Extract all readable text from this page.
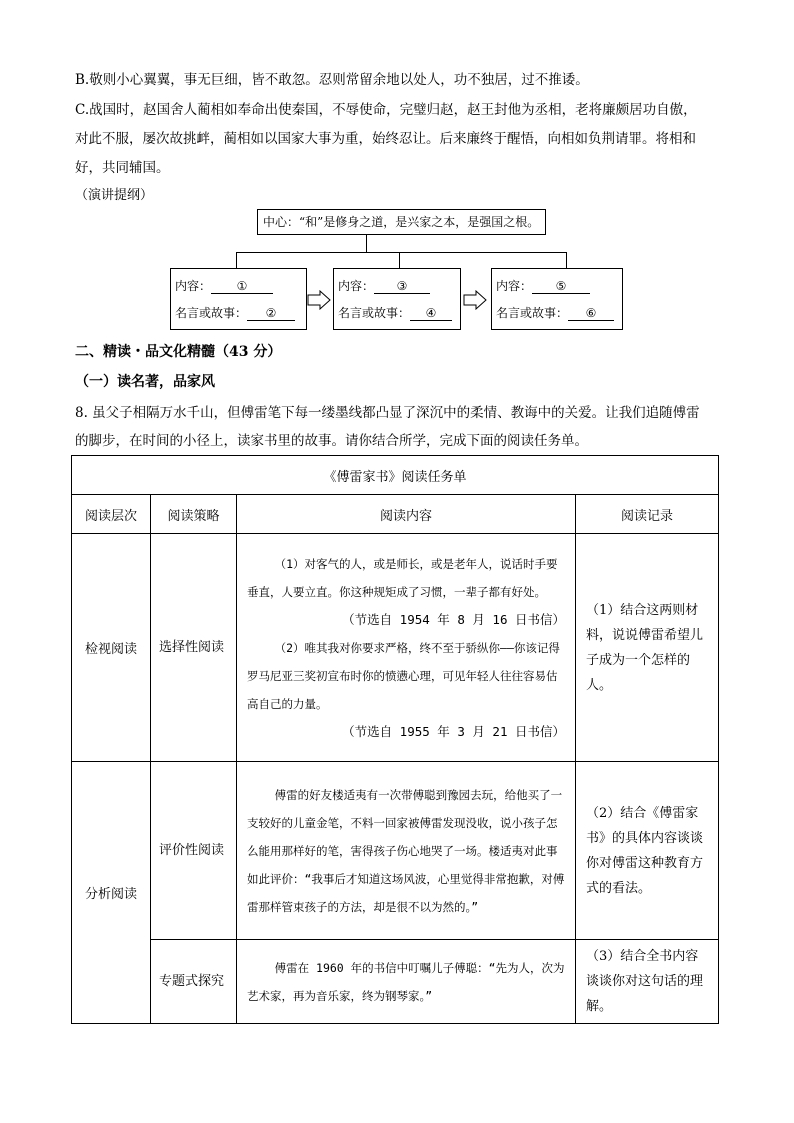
B.敬则小心翼翼，事无巨细，皆不敢忽。忍则常留余地以处人，功不独居，过不推诿。
C.战国时，赵国舍人蔺相如奉命出使秦国，不辱使命，完璧归赵，赵王封他为丞相，老将廉颇居功自傲，
对此不服，屡次故挑衅，蔺相如以国家大事为重，始终忍让。后来廉终于醒悟，向相如负荆请罪。将相和
好，共同辅国。
（演讲提纲）
中心：“和”是修身之道，是兴家之本，是强国之根。
内容： ①
名言或故事： ②
内容： ③
名言或故事： ④
内容： ⑤
名言或故事： ⑥
二、精读・品文化精髓（43 分）
（一）读名著，品家风
8. 虽父子相隔万水千山，但傅雷笔下每一缕墨线都凸显了深沉中的柔情、教诲中的关爱。让我们追随傅雷
的脚步，在时间的小径上，读家书里的故事。请你结合所学，完成下面的阅读任务单。
《傅雷家书》阅读任务单			
阅读层次	阅读策略	阅读内容	阅读记录
检视阅读	选择性阅读	（1）对客气的人，或是师长，或是老年人，说话时手要垂直，人要立直。你这种规矩成了习惯，一辈子都有好处。
（节选自 1954 年 8 月 16 日书信）
（2）唯其我对你要求严格，终不至于骄纵你——你该记得罗马尼亚三奖初宣布时你的愤懑心理，可见年轻人往往容易估高自己的力量。
（节选自 1955 年 3 月 21 日书信）	（1）结合这两则材料，说说傅雷希望儿子成为一个怎样的人。
分析阅读	评价性阅读	傅雷的好友楼适夷有一次带傅聪到豫园去玩，给他买了一支较好的儿童金笔，不料一回家被傅雷发现没收，说小孩子怎么能用那样好的笔，害得孩子伤心地哭了一场。楼适夷对此事如此评价：“我事后才知道这场风波，心里觉得非常抱歉，对傅雷那样管束孩子的方法，却是很不以为然的。”	（2）结合《傅雷家书》的具体内容谈谈你对傅雷这种教育方式的看法。
	专题式探究	傅雷在 1960 年的书信中叮嘱儿子傅聪：“先为人，次为艺术家，再为音乐家，终为钢琴家。”	（3）结合全书内容谈谈你对这句话的理解。
